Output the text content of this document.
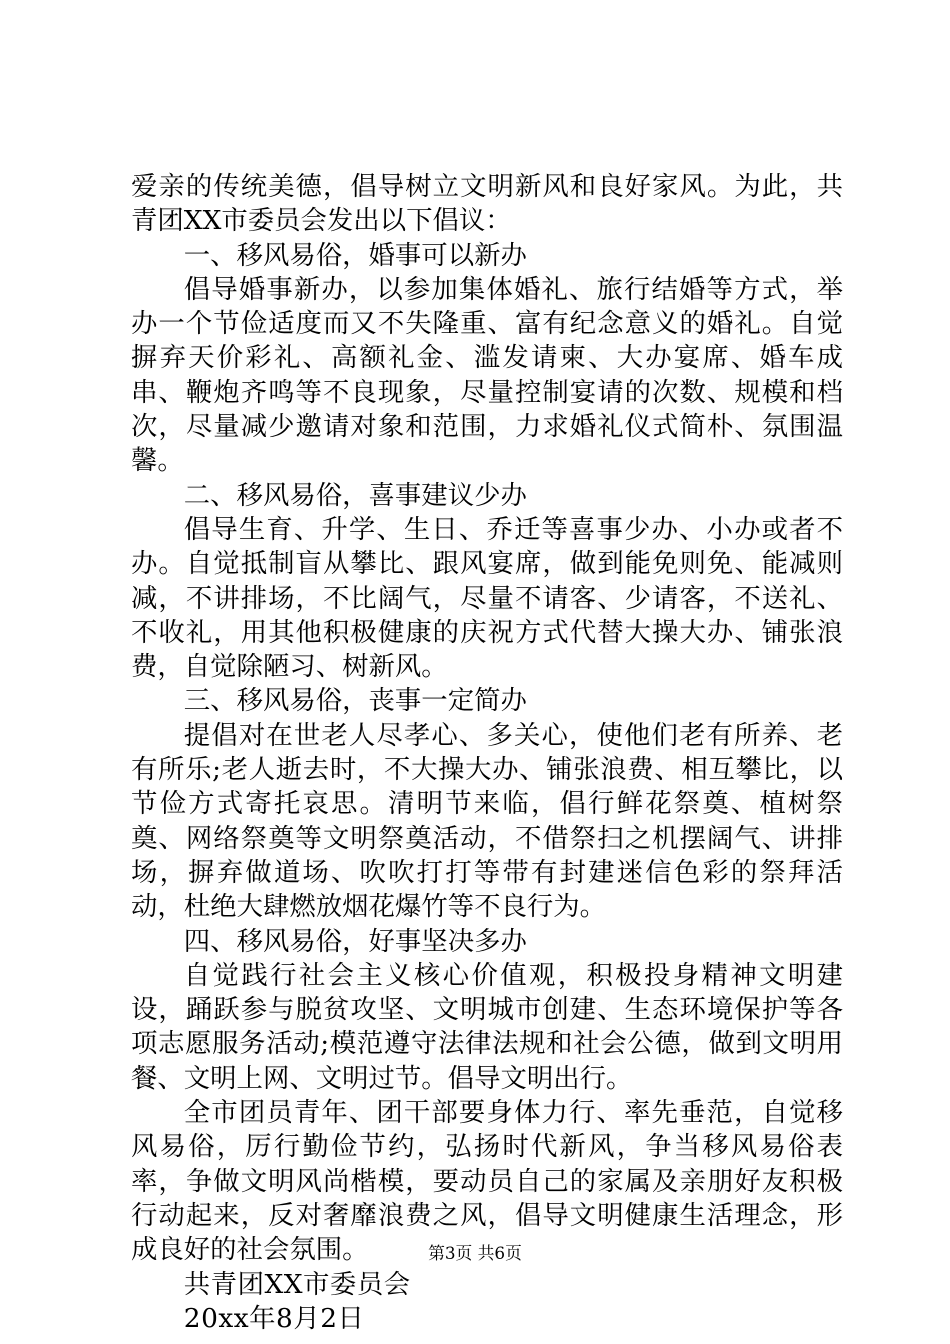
爱亲的传统美德，倡导树立文明新风和良好家风。为此，共青团XX市委员会发出以下倡议：

一、移风易俗，婚事可以新办

倡导婚事新办，以参加集体婚礼、旅行结婚等方式，举办一个节俭适度而又不失隆重、富有纪念意义的婚礼。自觉摒弃天价彩礼、高额礼金、滥发请柬、大办宴席、婚车成串、鞭炮齐鸣等不良现象，尽量控制宴请的次数、规模和档次，尽量减少邀请对象和范围，力求婚礼仪式简朴、氛围温馨。

二、移风易俗，喜事建议少办

倡导生育、升学、生日、乔迁等喜事少办、小办或者不办。自觉抵制盲从攀比、跟风宴席，做到能免则免、能减则减，不讲排场，不比阔气，尽量不请客、少请客，不送礼、不收礼，用其他积极健康的庆祝方式代替大操大办、铺张浪费，自觉除陋习、树新风。

三、移风易俗，丧事一定简办

提倡对在世老人尽孝心、多关心，使他们老有所养、老有所乐;老人逝去时，不大操大办、铺张浪费、相互攀比，以节俭方式寄托哀思。清明节来临，倡行鲜花祭奠、植树祭奠、网络祭奠等文明祭奠活动，不借祭扫之机摆阔气、讲排场，摒弃做道场、吹吹打打等带有封建迷信色彩的祭拜活动，杜绝大肆燃放烟花爆竹等不良行为。

四、移风易俗，好事坚决多办

自觉践行社会主义核心价值观，积极投身精神文明建设，踊跃参与脱贫攻坚、文明城市创建、生态环境保护等各项志愿服务活动;模范遵守法律法规和社会公德，做到文明用餐、文明上网、文明过节。倡导文明出行。

全市团员青年、团干部要身体力行、率先垂范，自觉移风易俗，厉行勤俭节约，弘扬时代新风，争当移风易俗表率，争做文明风尚楷模，要动员自己的家属及亲朋好友积极行动起来，反对奢靡浪费之风，倡导文明健康生活理念，形成良好的社会氛围。

共青团XX市委员会

20xx年8月2日

第3页 共6页
